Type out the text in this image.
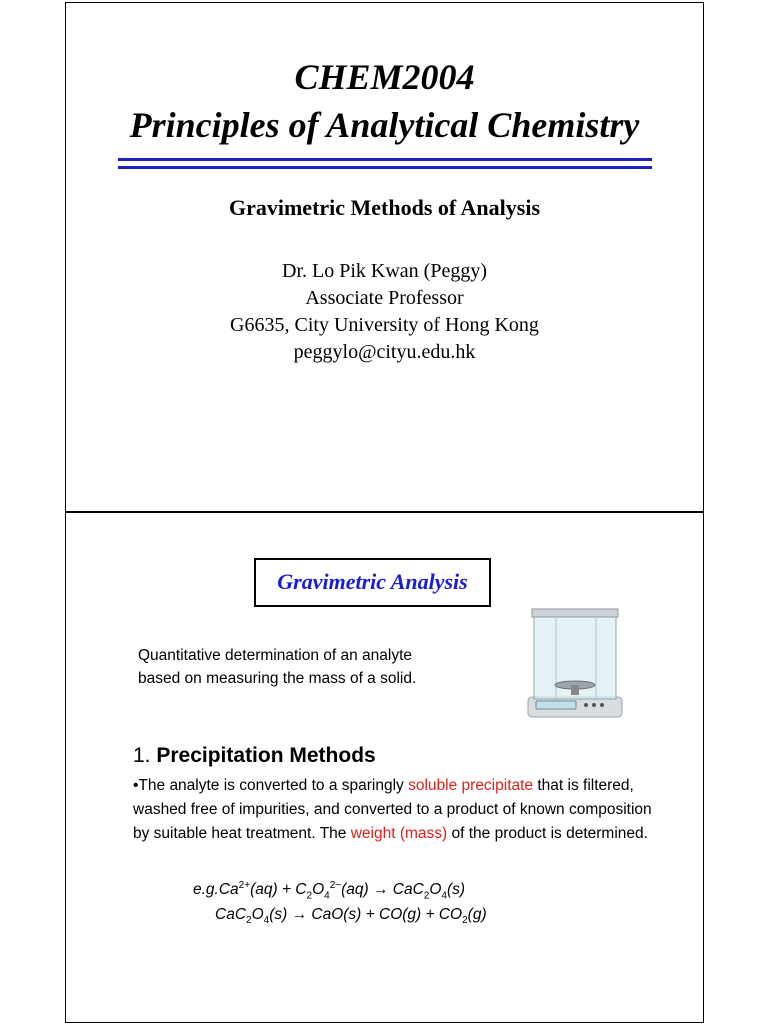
CHEM2004
Principles of Analytical Chemistry
Gravimetric Methods of Analysis
Dr. Lo Pik Kwan (Peggy)
Associate Professor
G6635, City University of Hong Kong
peggylo@cityu.edu.hk
Gravimetric Analysis
Quantitative determination of an analyte based on measuring the mass of a solid.
1. Precipitation Methods
•The analyte is converted to a sparingly soluble precipitate that is filtered, washed free of impurities, and converted to a product of known composition by suitable heat treatment. The weight (mass) of the product is determined.
$e.g.Ca^{2+}(aq) + C_2O_4^{2-}(aq) \to CaC_2O_4(s)$
$CaC_2O_4(s) \to CaO(s) + CO(g) + CO_2(g)$
